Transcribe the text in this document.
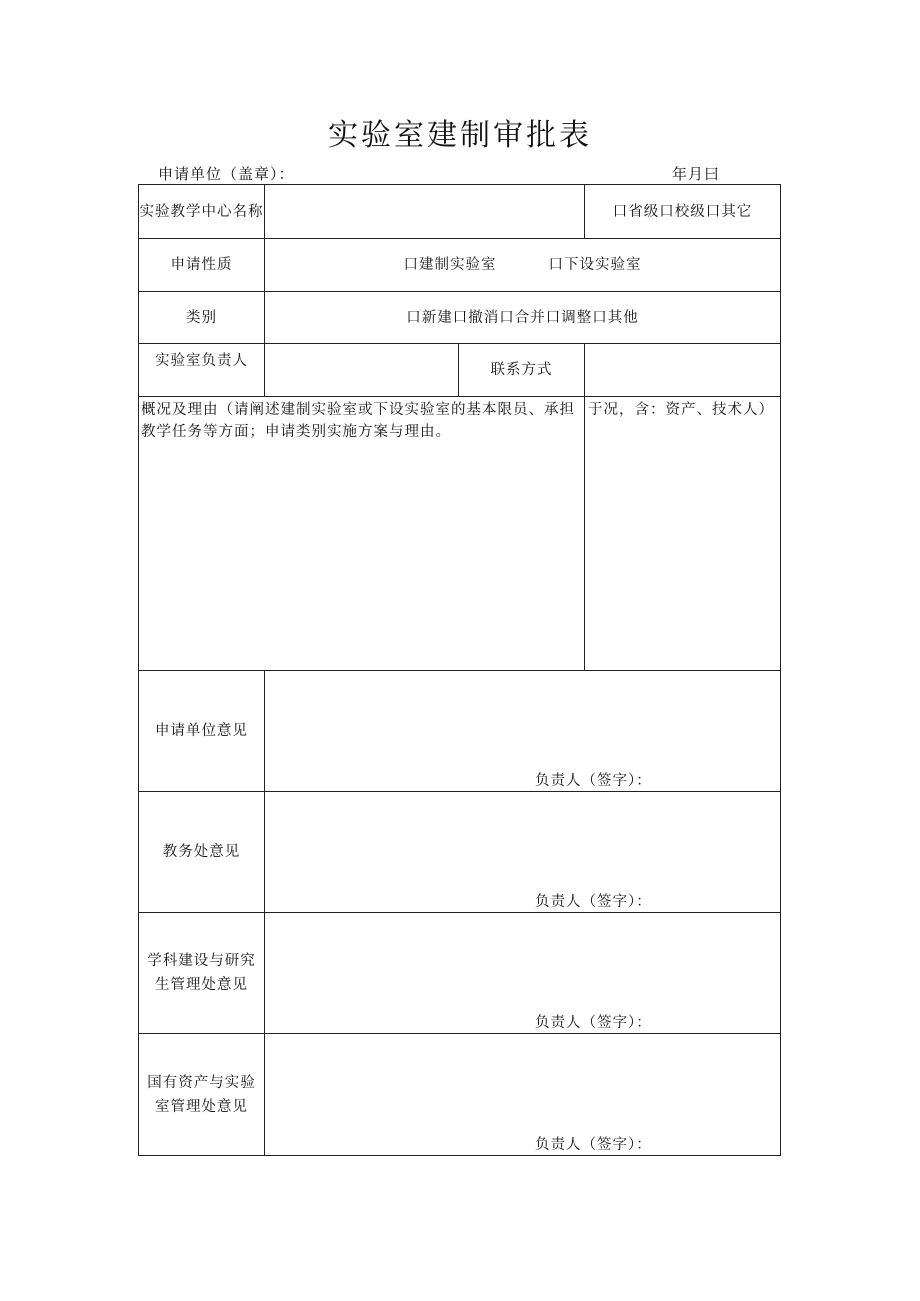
实验室建制审批表
申请单位（盖章）：	年月曰
实验教学中心名称			口省级口校级口其它
申请性质	口建制实验室 口下设实验室		
类别	口新建口撤消口合并口调整口其他		
实验室负责人		联系方式	
概况及理由（请阐述建制实验室或下设实验室的基本限员、承担教学任务等方面；申请类别实施方案与理由。			于况，含：资产、技术人）
申请单位意见	负责人（签字）：		

教务处意见	负责人（签字）：		

学科建设与研究生管理处意见	负责人（签字）：		

国有资产与实验室管理处意见	负责人（签字）：		
